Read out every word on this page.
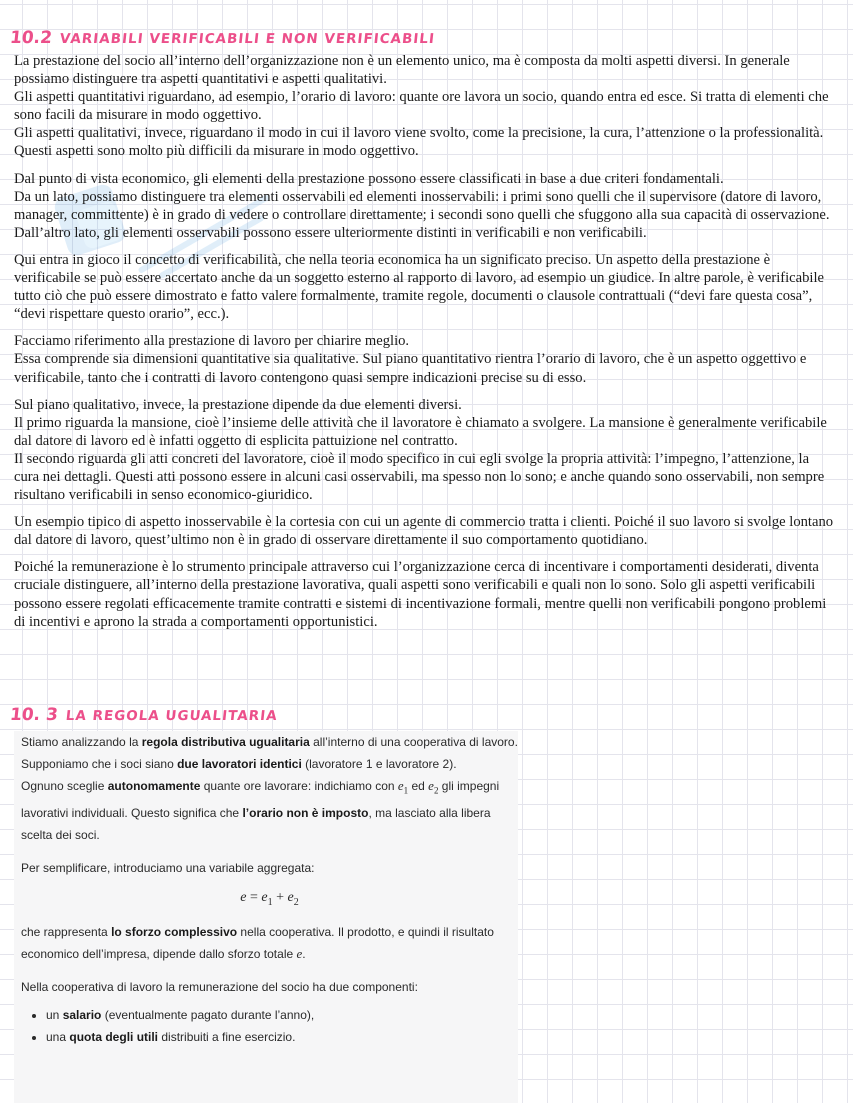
10.2 VARIABILI VERIFICABILI E NON VERIFICABILI

La prestazione del socio all’interno dell’organizzazione non è un elemento unico, ma è composta da molti aspetti diversi. In generale possiamo distinguere tra aspetti quantitativi e aspetti qualitativi.
Gli aspetti quantitativi riguardano, ad esempio, l’orario di lavoro: quante ore lavora un socio, quando entra ed esce. Si tratta di elementi che sono facili da misurare in modo oggettivo.
Gli aspetti qualitativi, invece, riguardano il modo in cui il lavoro viene svolto, come la precisione, la cura, l’attenzione o la professionalità. Questi aspetti sono molto più difficili da misurare in modo oggettivo.

Dal punto di vista economico, gli elementi della prestazione possono essere classificati in base a due criteri fondamentali.
Da un lato, possiamo distinguere tra elementi osservabili ed elementi inosservabili: i primi sono quelli che il supervisore (datore di lavoro, manager, committente) è in grado di vedere o controllare direttamente; i secondi sono quelli che sfuggono alla sua capacità di osservazione.
Dall’altro lato, gli elementi osservabili possono essere ulteriormente distinti in verificabili e non verificabili.

Qui entra in gioco il concetto di verificabilità, che nella teoria economica ha un significato preciso. Un aspetto della prestazione è verificabile se può essere accertato anche da un soggetto esterno al rapporto di lavoro, ad esempio un giudice. In altre parole, è verificabile tutto ciò che può essere dimostrato e fatto valere formalmente, tramite regole, documenti o clausole contrattuali (“devi fare questa cosa”, “devi rispettare questo orario”, ecc.).

Facciamo riferimento alla prestazione di lavoro per chiarire meglio.
Essa comprende sia dimensioni quantitative sia qualitative. Sul piano quantitativo rientra l’orario di lavoro, che è un aspetto oggettivo e verificabile, tanto che i contratti di lavoro contengono quasi sempre indicazioni precise su di esso.

Sul piano qualitativo, invece, la prestazione dipende da due elementi diversi.
Il primo riguarda la mansione, cioè l’insieme delle attività che il lavoratore è chiamato a svolgere. La mansione è generalmente verificabile dal datore di lavoro ed è infatti oggetto di esplicita pattuizione nel contratto.
Il secondo riguarda gli atti concreti del lavoratore, cioè il modo specifico in cui egli svolge la propria attività: l’impegno, l’attenzione, la cura nei dettagli. Questi atti possono essere in alcuni casi osservabili, ma spesso non lo sono; e anche quando sono osservabili, non sempre risultano verificabili in senso economico-giuridico.

Un esempio tipico di aspetto inosservabile è la cortesia con cui un agente di commercio tratta i clienti. Poiché il suo lavoro si svolge lontano dal datore di lavoro, quest’ultimo non è in grado di osservare direttamente il suo comportamento quotidiano.

Poiché la remunerazione è lo strumento principale attraverso cui l’organizzazione cerca di incentivare i comportamenti desiderati, diventa cruciale distinguere, all’interno della prestazione lavorativa, quali aspetti sono verificabili e quali non lo sono. Solo gli aspetti verificabili possono essere regolati efficacemente tramite contratti e sistemi di incentivazione formali, mentre quelli non verificabili pongono problemi di incentivi e aprono la strada a comportamenti opportunistici.

10. 3 LA REGOLA UGUALITARIA

Stiamo analizzando la regola distributiva ugualitaria all’interno di una cooperativa di lavoro.

Supponiamo che i soci siano due lavoratori identici (lavoratore 1 e lavoratore 2).

Ognuno sceglie autonomamente quante ore lavorare: indichiamo con $e_1$ ed $e_2$ gli impegni lavorativi individuali. Questo significa che l’orario non è imposto, ma lasciato alla libera scelta dei soci.

Per semplificare, introduciamo una variabile aggregata:

$e = e_1 + e_2$

che rappresenta lo sforzo complessivo nella cooperativa. Il prodotto, e quindi il risultato economico dell’impresa, dipende dallo sforzo totale e.

Nella cooperativa di lavoro la remunerazione del socio ha due componenti:

• un salario (eventualmente pagato durante l’anno),
• una quota degli utili distribuiti a fine esercizio.
